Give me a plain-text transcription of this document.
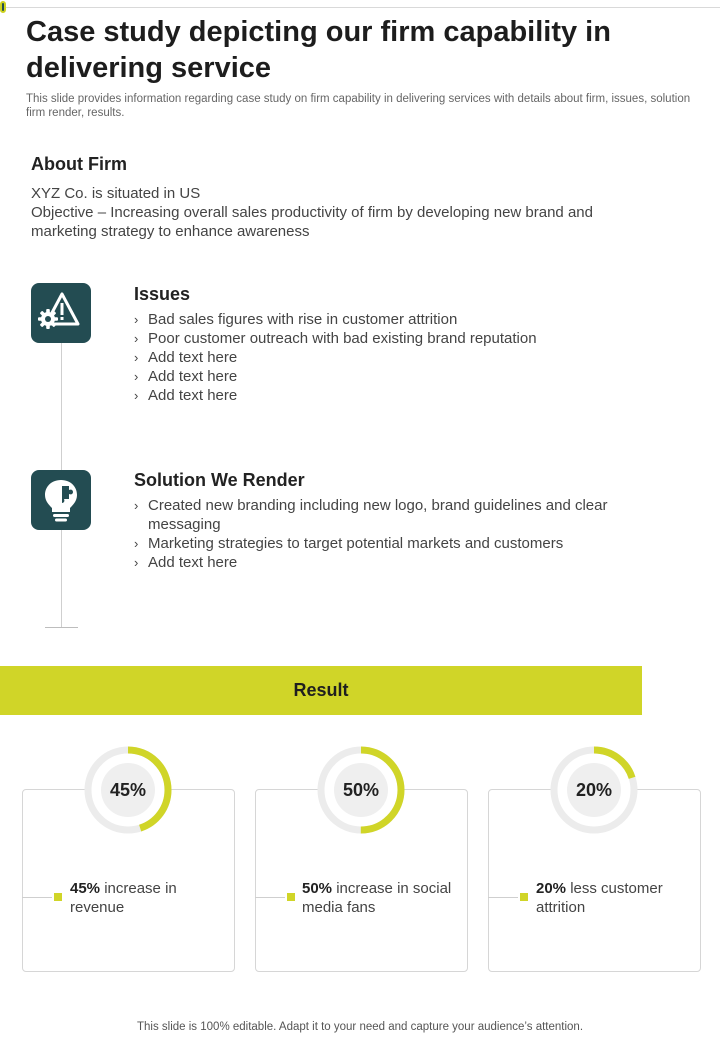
Case study depicting our firm capability in delivering service

This slide provides information regarding case study on firm capability in delivering services with details about firm, issues, solution firm render, results.

About Firm
XYZ Co. is situated in US
Objective – Increasing overall sales productivity of firm by developing new brand and marketing strategy to enhance awareness
Issues
› Bad sales figures with rise in customer attrition
› Poor customer outreach with bad existing brand reputation
› Add text here
› Add text here
› Add text here
Solution We Render
› Created new branding including new logo, brand guidelines and clear messaging
› Marketing strategies to target potential markets and customers
› Add text here
Result
45%
45% increase in revenue
50%
50% increase in social media fans
20%
20% less customer attrition
This slide is 100% editable. Adapt it to your need and capture your audience’s attention.
